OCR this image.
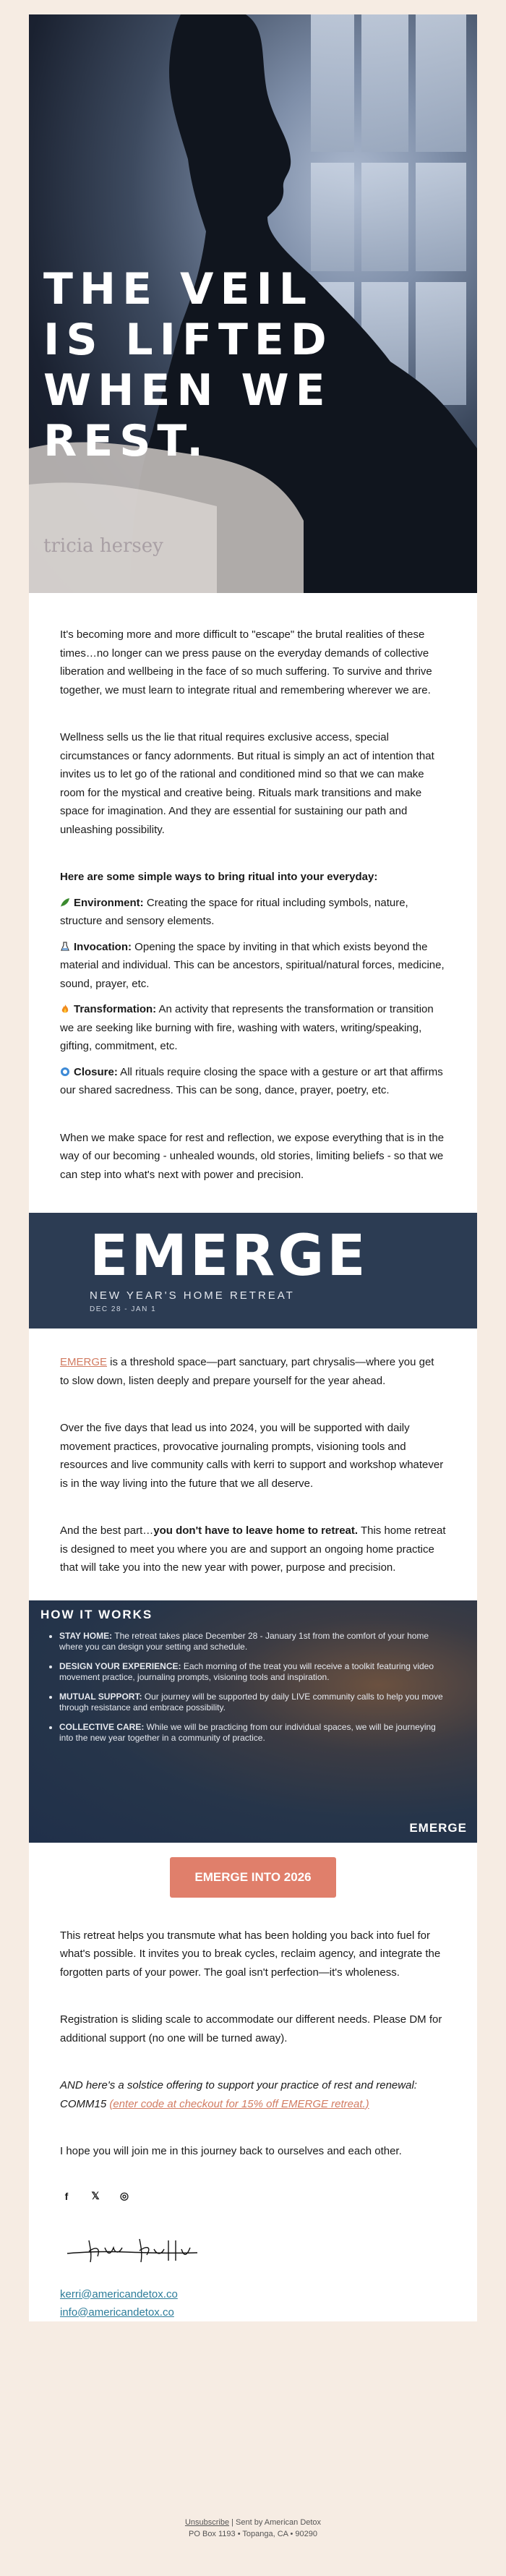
THE VEIL
IS LIFTED
WHEN WE
REST.
tricia hersey

It's becoming more and more difficult to "escape" the brutal realities of these times…no longer can we press pause on the everyday demands of collective liberation and wellbeing in the face of so much suffering. To survive and thrive together, we must learn to integrate ritual and remembering wherever we are.

Wellness sells us the lie that ritual requires exclusive access, special circumstances or fancy adornments. But ritual is simply an act of intention that invites us to let go of the rational and conditioned mind so that we can make room for the mystical and creative being. Rituals mark transitions and make space for imagination. And they are essential for sustaining our path and unleashing possibility.

Here are some simple ways to bring ritual into your everyday:

Environment: Creating the space for ritual including symbols, nature, structure and sensory elements.
Invocation: Opening the space by inviting in that which exists beyond the material and individual. This can be ancestors, spiritual/natural forces, medicine, sound, prayer, etc.
Transformation: An activity that represents the transformation or transition we are seeking like burning with fire, washing with waters, writing/speaking, gifting, commitment, etc.
Closure: All rituals require closing the space with a gesture or art that affirms our shared sacredness. This can be song, dance, prayer, poetry, etc.

When we make space for rest and reflection, we expose everything that is in the way of our becoming - unhealed wounds, old stories, limiting beliefs - so that we can step into what's next with power and precision.

EMERGE
NEW YEAR'S HOME RETREAT
DEC 28 - JAN 1

EMERGE is a threshold space—part sanctuary, part chrysalis—where you get to slow down, listen deeply and prepare yourself for the year ahead.

Over the five days that lead us into 2024, you will be supported with daily movement practices, provocative journaling prompts, visioning tools and resources and live community calls with kerri to support and workshop whatever is in the way living into the future that we all deserve.

And the best part…you don't have to leave home to retreat. This home retreat is designed to meet you where you are and support an ongoing home practice that will take you into the new year with power, purpose and precision.

HOW IT WORKS
• STAY HOME: The retreat takes place December 28 - January 1st from the comfort of your home where you can design your setting and schedule.
• DESIGN YOUR EXPERIENCE: Each morning of the treat you will receive a toolkit featuring video movement practice, journaling prompts, visioning tools and inspiration.
• MUTUAL SUPPORT: Our journey will be supported by daily LIVE community calls to help you move through resistance and embrace possibility.
• COLLECTIVE CARE: While we will be practicing from our individual spaces, we will be journeying into the new year together in a community of practice.
EMERGE
EMERGE INTO 2026

This retreat helps you transmute what has been holding you back into fuel for what's possible. It invites you to break cycles, reclaim agency, and integrate the forgotten parts of your power. The goal isn't perfection—it's wholeness.

Registration is sliding scale to accommodate our different needs. Please DM for additional support (no one will be turned away).

AND here's a solstice offering to support your practice of rest and renewal: COMM15 (enter code at checkout for 15% off EMERGE retreat.)

I hope you will join me in this journey back to ourselves and each other.

f	𝕏 ◎
kerri@americandetox.co
info@americandetox.co
Unsubscribe | Sent by American Detox
PO Box 1193 • Topanga, CA • 90290
